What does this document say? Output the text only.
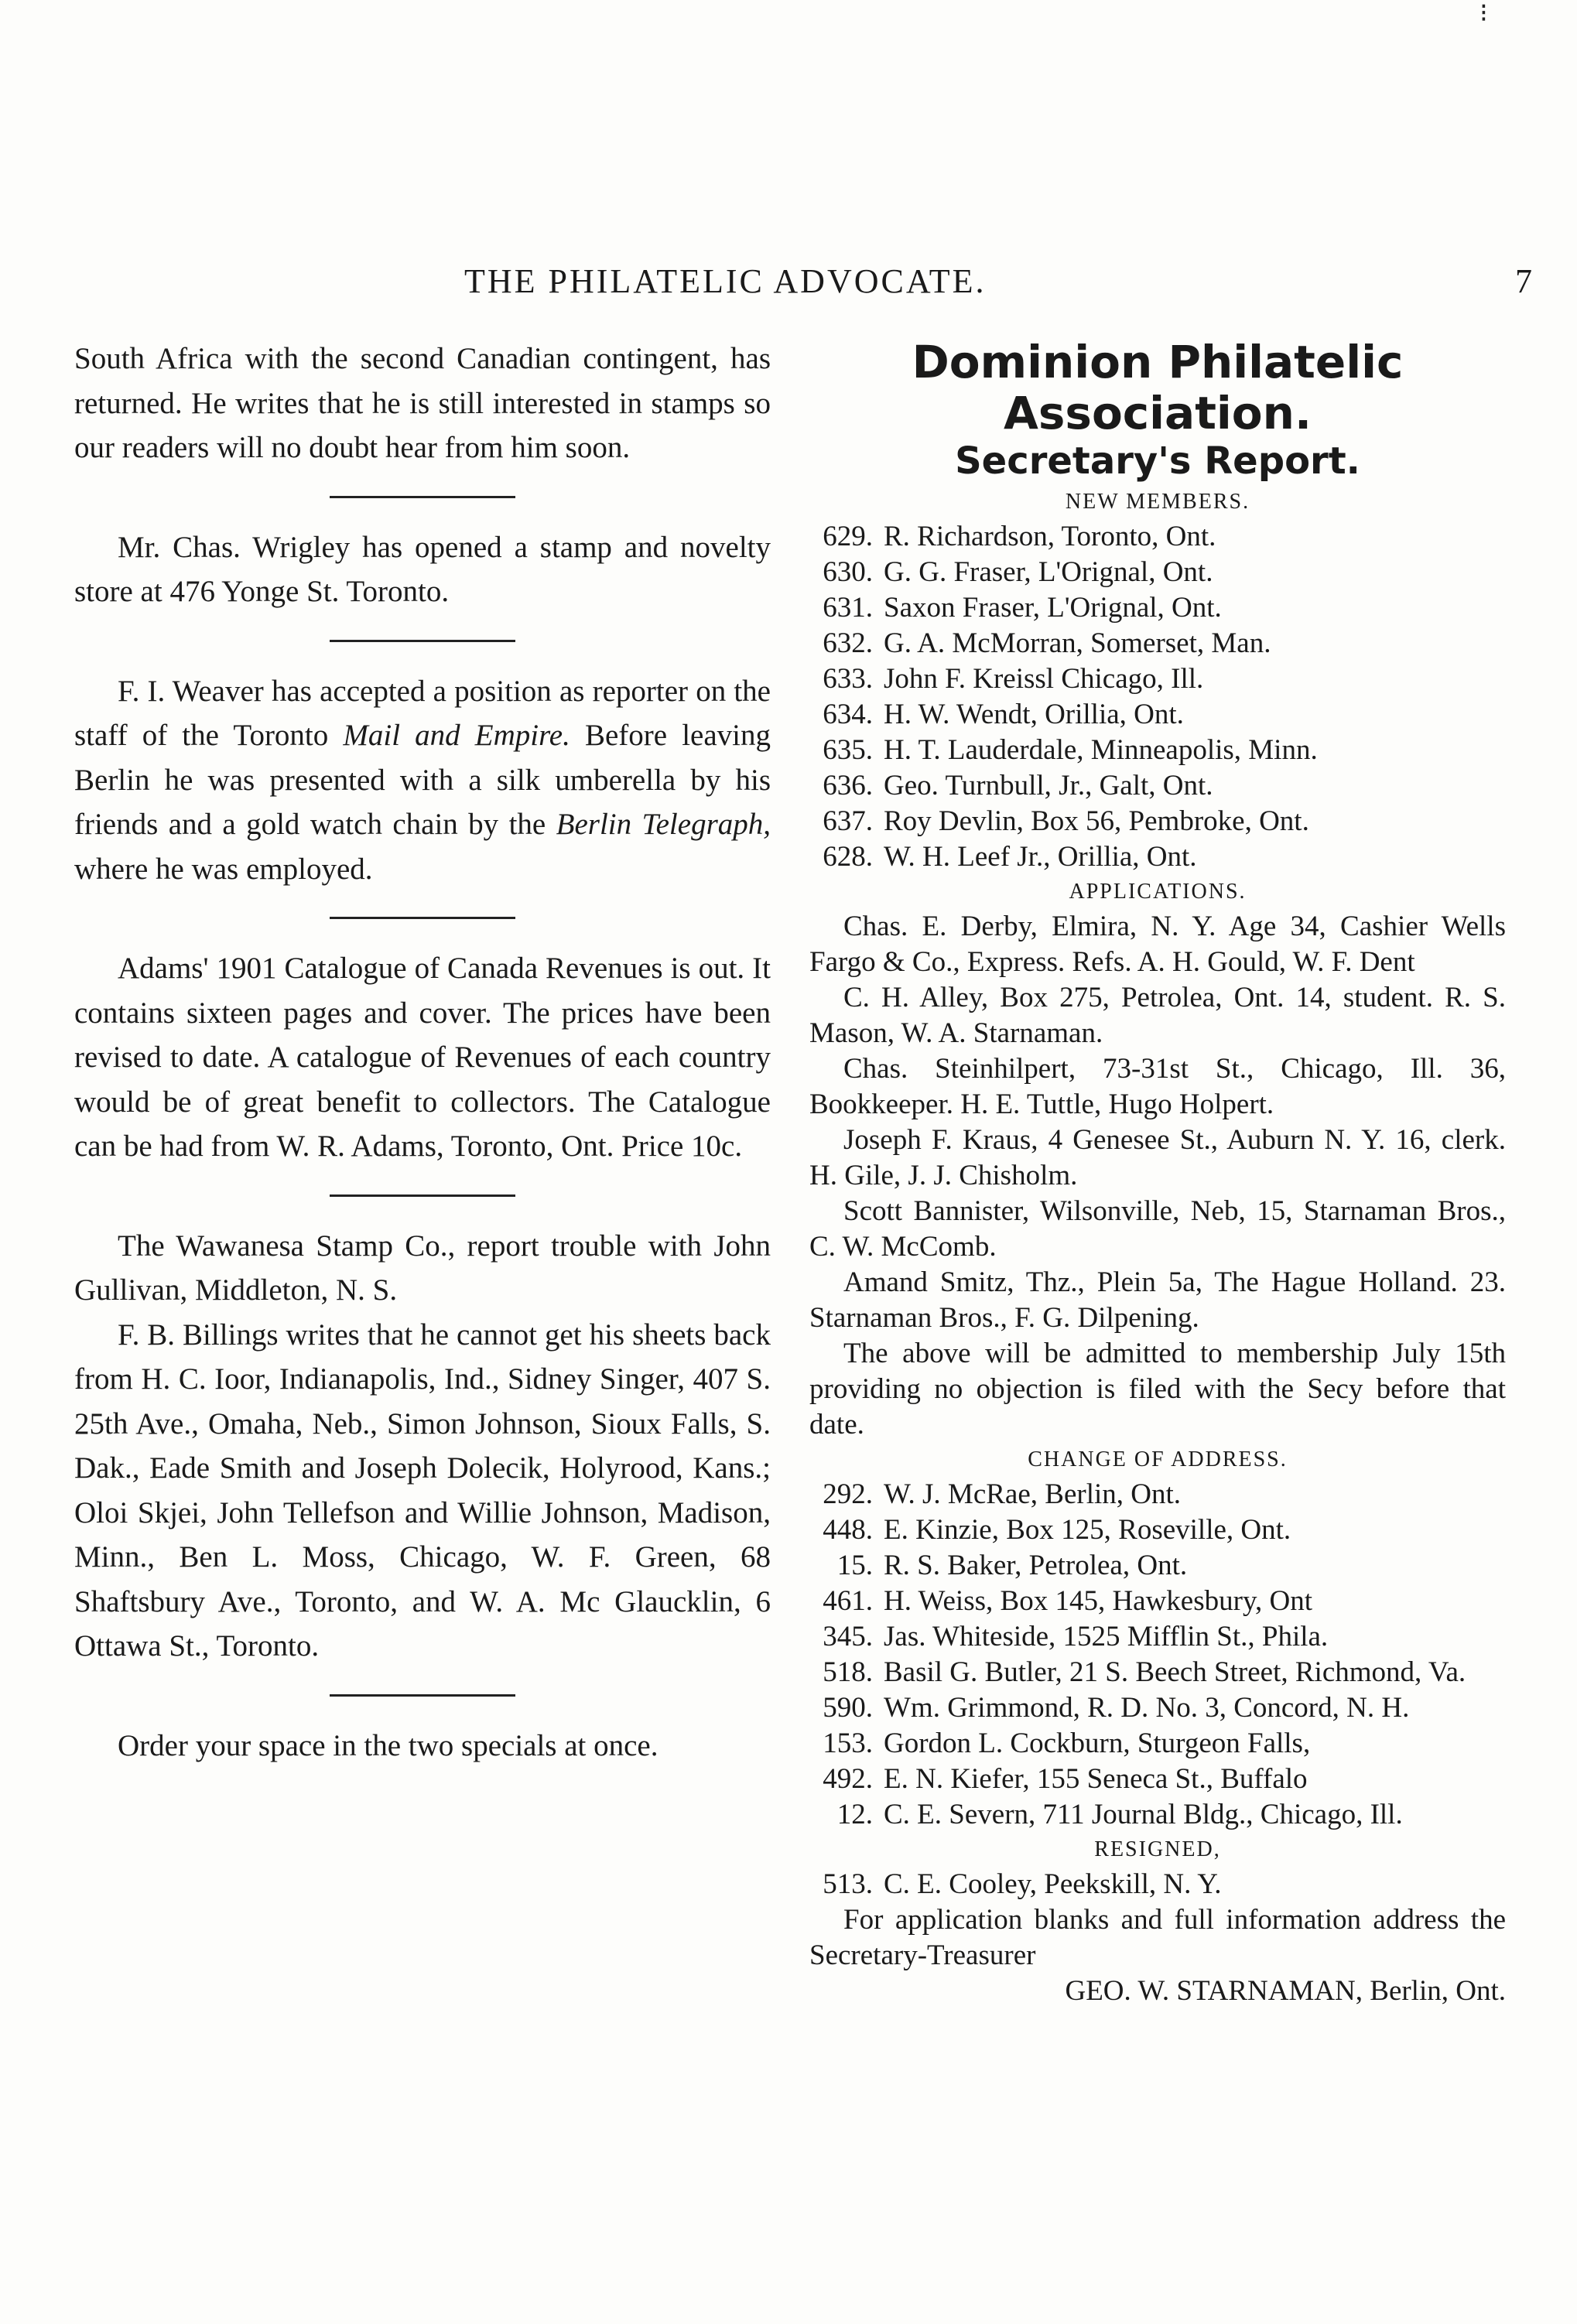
⁝
THE PHILATELIC ADVOCATE.	7

South Africa with the second Canadian contingent, has returned. He writes that he is still interested in stamps so our readers will no doubt hear from him soon.

Mr. Chas. Wrigley has opened a stamp and novelty store at 476 Yonge St. Toronto.

F. I. Weaver has accepted a position as reporter on the staff of the Toronto Mail and Empire. Before leaving Berlin he was presented with a silk umberella by his friends and a gold watch chain by the Berlin Telegraph, where he was employed.

Adams' 1901 Catalogue of Canada Revenues is out. It contains sixteen pages and cover. The prices have been revised to date. A catalogue of Revenues of each country would be of great benefit to collectors. The Catalogue can be had from W. R. Adams, Toronto, Ont. Price 10c.

The Wawanesa Stamp Co., report trouble with John Gullivan, Middleton, N. S.

F. B. Billings writes that he cannot get his sheets back from H. C. Ioor, Indianapolis, Ind., Sidney Singer, 407 S. 25th Ave., Omaha, Neb., Simon Johnson, Sioux Falls, S. Dak., Eade Smith and Joseph Dolecik, Holyrood, Kans.; Oloi Skjei, John Tellefson and Willie Johnson, Madison, Minn., Ben L. Moss, Chicago, W. F. Green, 68 Shaftsbury Ave., Toronto, and W. A. Mc Glaucklin, 6 Ottawa St., Toronto.

Order your space in the two specials at once.

Dominion Philatelic

Association.

Secretary's Report.

NEW MEMBERS.

629. R. Richardson, Toronto, Ont.
630. G. G. Fraser, L'Orignal, Ont.
631. Saxon Fraser, L'Orignal, Ont.
632. G. A. McMorran, Somerset, Man.
633. John F. Kreissl Chicago, Ill.
634. H. W. Wendt, Orillia, Ont.
635. H. T. Lauderdale, Minneapolis, Minn.
636. Geo. Turnbull, Jr., Galt, Ont.
637. Roy Devlin, Box 56, Pembroke, Ont.
628. W. H. Leef Jr., Orillia, Ont.

APPLICATIONS.

Chas. E. Derby, Elmira, N. Y. Age 34, Cashier Wells Fargo & Co., Express. Refs. A. H. Gould, W. F. Dent

C. H. Alley, Box 275, Petrolea, Ont. 14, student. R. S. Mason, W. A. Starnaman.

Chas. Steinhilpert, 73-31st St., Chicago, Ill. 36, Bookkeeper. H. E. Tuttle, Hugo Holpert.

Joseph F. Kraus, 4 Genesee St., Auburn N. Y. 16, clerk. H. Gile, J. J. Chisholm.

Scott Bannister, Wilsonville, Neb, 15, Starnaman Bros., C. W. McComb.

Amand Smitz, Thz., Plein 5a, The Hague Holland. 23. Starnaman Bros., F. G. Dilpening.

The above will be admitted to membership July 15th providing no objection is filed with the Secy before that date.

CHANGE OF ADDRESS.

292. W. J. McRae, Berlin, Ont.
448. E. Kinzie, Box 125, Roseville, Ont.
15. R. S. Baker, Petrolea, Ont.
461. H. Weiss, Box 145, Hawkesbury, Ont
345. Jas. Whiteside, 1525 Mifflin St., Phila.
518. Basil G. Butler, 21 S. Beech Street, Richmond, Va.
590. Wm. Grimmond, R. D. No. 3, Concord, N. H.
153. Gordon L. Cockburn, Sturgeon Falls,
492. E. N. Kiefer, 155 Seneca St., Buffalo
12. C. E. Severn, 711 Journal Bldg., Chicago, Ill.

RESIGNED,

513. C. E. Cooley, Peekskill, N. Y.

For application blanks and full information address the Secretary-Treasurer

GEO. W. STARNAMAN, Berlin, Ont.
